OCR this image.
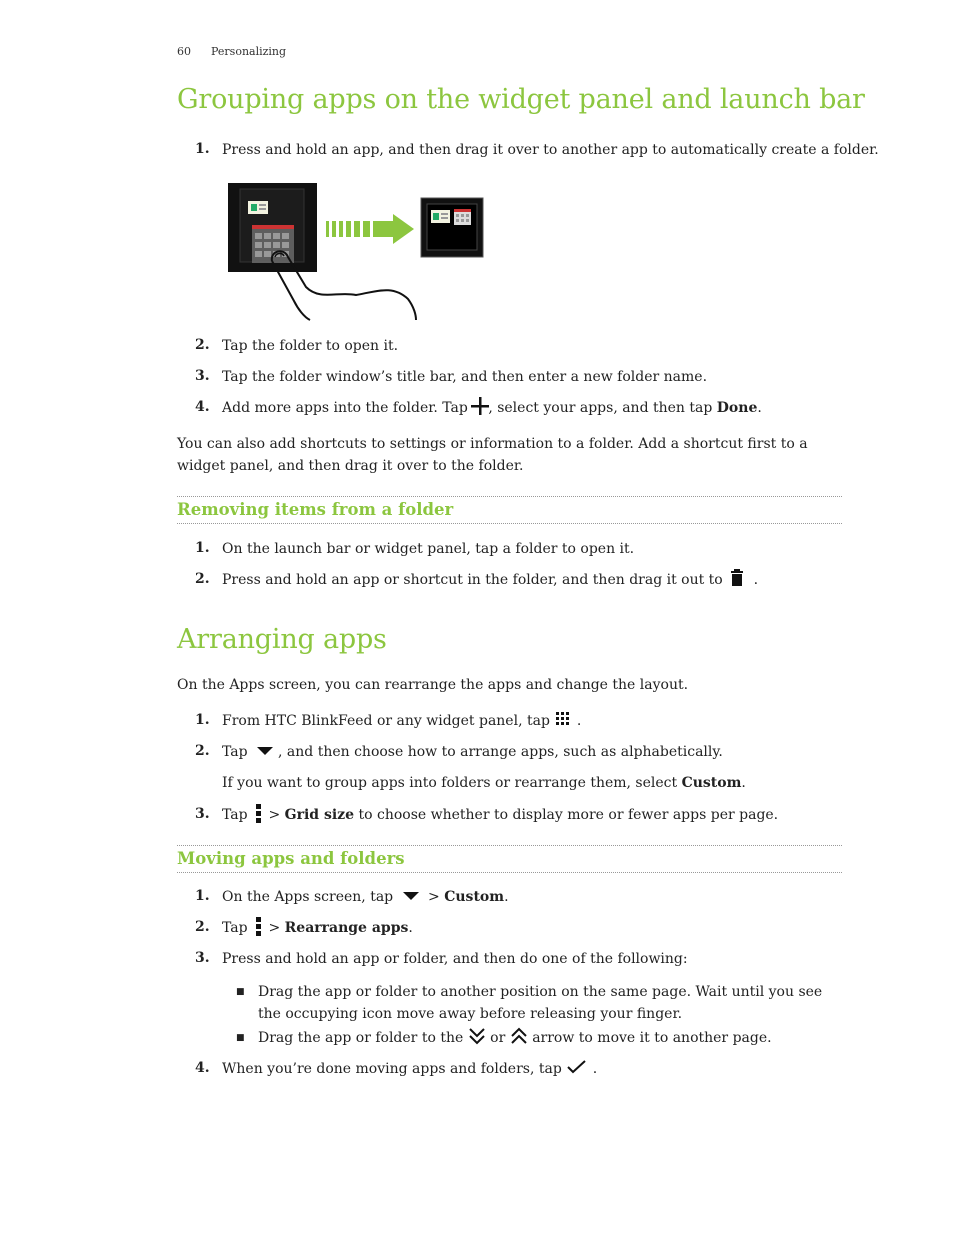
60 Personalizing
Grouping apps on the widget panel and launch bar
1. Press and hold an app, and then drag it over to another app to automatically create a folder.
2. Tap the folder to open it.
3. Tap the folder window’s title bar, and then enter a new folder name.
4. Add more apps into the folder. Tap , select your apps, and then tap Done.
You can also add shortcuts to settings or information to a folder. Add a shortcut first to a widget panel, and then drag it over to the folder.
Removing items from a folder
1. On the launch bar or widget panel, tap a folder to open it.
2. Press and hold an app or shortcut in the folder, and then drag it out to .
Arranging apps
On the Apps screen, you can rearrange the apps and change the layout.
1. From HTC BlinkFeed or any widget panel, tap .
2. Tap , and then choose how to arrange apps, such as alphabetically.
If you want to group apps into folders or rearrange them, select Custom.
3. Tap > Grid size to choose whether to display more or fewer apps per page.
Moving apps and folders
1. On the Apps screen, tap > Custom.
2. Tap > Rearrange apps.
3. Press and hold an app or folder, and then do one of the following:
■ Drag the app or folder to another position on the same page. Wait until you see the occupying icon move away before releasing your finger.
■ Drag the app or folder to the or arrow to move it to another page.
4. When you’re done moving apps and folders, tap .
